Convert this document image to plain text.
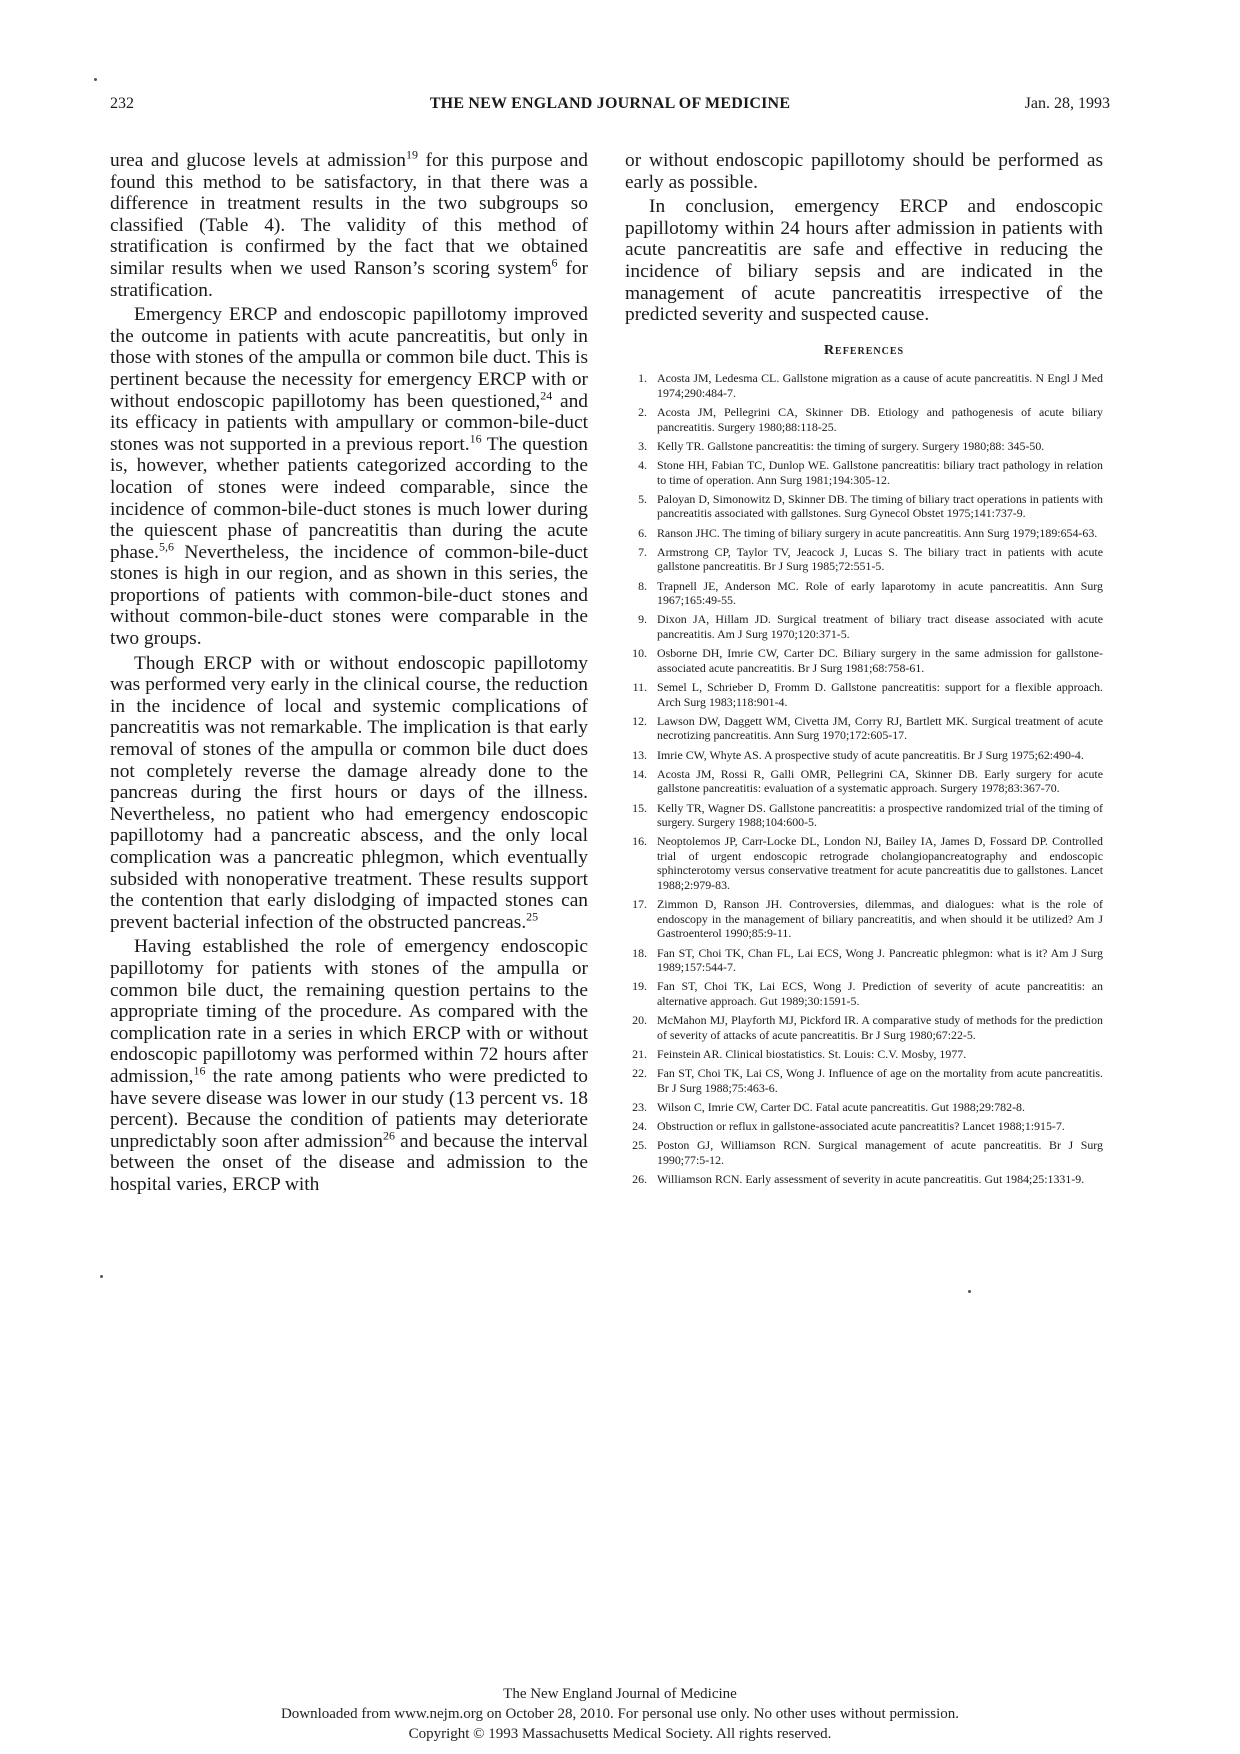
232	THE NEW ENGLAND JOURNAL OF MEDICINE	Jan. 28, 1993

urea and glucose levels at admission$^{19}$ for this purpose and found this method to be satisfactory, in that there was a difference in treatment results in the two subgroups so classified (Table 4). The validity of this method of stratification is confirmed by the fact that we obtained similar results when we used Ranson’s scoring system$^6$ for stratification.

Emergency ERCP and endoscopic papillotomy improved the outcome in patients with acute pancreatitis, but only in those with stones of the ampulla or common bile duct. This is pertinent because the necessity for emergency ERCP with or without endoscopic papillotomy has been questioned,$^{24}$ and its efficacy in patients with ampullary or common-bile-duct stones was not supported in a previous report.$^{16}$ The question is, however, whether patients categorized according to the location of stones were indeed comparable, since the incidence of common-bile-duct stones is much lower during the quiescent phase of pancreatitis than during the acute phase.$^{5,6}$ Nevertheless, the incidence of common-bile-duct stones is high in our region, and as shown in this series, the proportions of patients with common-bile-duct stones and without common-bile-duct stones were comparable in the two groups.

Though ERCP with or without endoscopic papillotomy was performed very early in the clinical course, the reduction in the incidence of local and systemic complications of pancreatitis was not remarkable. The implication is that early removal of stones of the ampulla or common bile duct does not completely reverse the damage already done to the pancreas during the first hours or days of the illness. Nevertheless, no patient who had emergency endoscopic papillotomy had a pancreatic abscess, and the only local complication was a pancreatic phlegmon, which eventually subsided with nonoperative treatment. These results support the contention that early dislodging of impacted stones can prevent bacterial infection of the obstructed pancreas.$^{25}$

Having established the role of emergency endoscopic papillotomy for patients with stones of the ampulla or common bile duct, the remaining question pertains to the appropriate timing of the procedure. As compared with the complication rate in a series in which ERCP with or without endoscopic papillotomy was performed within 72 hours after admission,$^{16}$ the rate among patients who were predicted to have severe disease was lower in our study (13 percent vs. 18 percent). Because the condition of patients may deteriorate unpredictably soon after admission$^{26}$ and because the interval between the onset of the disease and admission to the hospital varies, ERCP with

or without endoscopic papillotomy should be performed as early as possible.

In conclusion, emergency ERCP and endoscopic papillotomy within 24 hours after admission in patients with acute pancreatitis are safe and effective in reducing the incidence of biliary sepsis and are indicated in the management of acute pancreatitis irrespective of the predicted severity and suspected cause.

References
1. Acosta JM, Ledesma CL. Gallstone migration as a cause of acute pancreatitis. N Engl J Med 1974;290:484-7.
2. Acosta JM, Pellegrini CA, Skinner DB. Etiology and pathogenesis of acute biliary pancreatitis. Surgery 1980;88:118-25.
3. Kelly TR. Gallstone pancreatitis: the timing of surgery. Surgery 1980;88: 345-50.
4. Stone HH, Fabian TC, Dunlop WE. Gallstone pancreatitis: biliary tract pathology in relation to time of operation. Ann Surg 1981;194:305-12.
5. Paloyan D, Simonowitz D, Skinner DB. The timing of biliary tract operations in patients with pancreatitis associated with gallstones. Surg Gynecol Obstet 1975;141:737-9.
6. Ranson JHC. The timing of biliary surgery in acute pancreatitis. Ann Surg 1979;189:654-63.
7. Armstrong CP, Taylor TV, Jeacock J, Lucas S. The biliary tract in patients with acute gallstone pancreatitis. Br J Surg 1985;72:551-5.
8. Trapnell JE, Anderson MC. Role of early laparotomy in acute pancreatitis. Ann Surg 1967;165:49-55.
9. Dixon JA, Hillam JD. Surgical treatment of biliary tract disease associated with acute pancreatitis. Am J Surg 1970;120:371-5.
10. Osborne DH, Imrie CW, Carter DC. Biliary surgery in the same admission for gallstone-associated acute pancreatitis. Br J Surg 1981;68:758-61.
11. Semel L, Schrieber D, Fromm D. Gallstone pancreatitis: support for a flexible approach. Arch Surg 1983;118:901-4.
12. Lawson DW, Daggett WM, Civetta JM, Corry RJ, Bartlett MK. Surgical treatment of acute necrotizing pancreatitis. Ann Surg 1970;172:605-17.
13. Imrie CW, Whyte AS. A prospective study of acute pancreatitis. Br J Surg 1975;62:490-4.
14. Acosta JM, Rossi R, Galli OMR, Pellegrini CA, Skinner DB. Early surgery for acute gallstone pancreatitis: evaluation of a systematic approach. Surgery 1978;83:367-70.
15. Kelly TR, Wagner DS. Gallstone pancreatitis: a prospective randomized trial of the timing of surgery. Surgery 1988;104:600-5.
16. Neoptolemos JP, Carr-Locke DL, London NJ, Bailey IA, James D, Fossard DP. Controlled trial of urgent endoscopic retrograde cholangiopancreatography and endoscopic sphincterotomy versus conservative treatment for acute pancreatitis due to gallstones. Lancet 1988;2:979-83.
17. Zimmon D, Ranson JH. Controversies, dilemmas, and dialogues: what is the role of endoscopy in the management of biliary pancreatitis, and when should it be utilized? Am J Gastroenterol 1990;85:9-11.
18. Fan ST, Choi TK, Chan FL, Lai ECS, Wong J. Pancreatic phlegmon: what is it? Am J Surg 1989;157:544-7.
19. Fan ST, Choi TK, Lai ECS, Wong J. Prediction of severity of acute pancreatitis: an alternative approach. Gut 1989;30:1591-5.
20. McMahon MJ, Playforth MJ, Pickford IR. A comparative study of methods for the prediction of severity of attacks of acute pancreatitis. Br J Surg 1980;67:22-5.
21. Feinstein AR. Clinical biostatistics. St. Louis: C.V. Mosby, 1977.
22. Fan ST, Choi TK, Lai CS, Wong J. Influence of age on the mortality from acute pancreatitis. Br J Surg 1988;75:463-6.
23. Wilson C, Imrie CW, Carter DC. Fatal acute pancreatitis. Gut 1988;29:782-8.
24. Obstruction or reflux in gallstone-associated acute pancreatitis? Lancet 1988;1:915-7.
25. Poston GJ, Williamson RCN. Surgical management of acute pancreatitis. Br J Surg 1990;77:5-12.
26. Williamson RCN. Early assessment of severity in acute pancreatitis. Gut 1984;25:1331-9.
The New England Journal of Medicine
Downloaded from www.nejm.org on October 28, 2010. For personal use only. No other uses without permission.
Copyright © 1993 Massachusetts Medical Society. All rights reserved.
